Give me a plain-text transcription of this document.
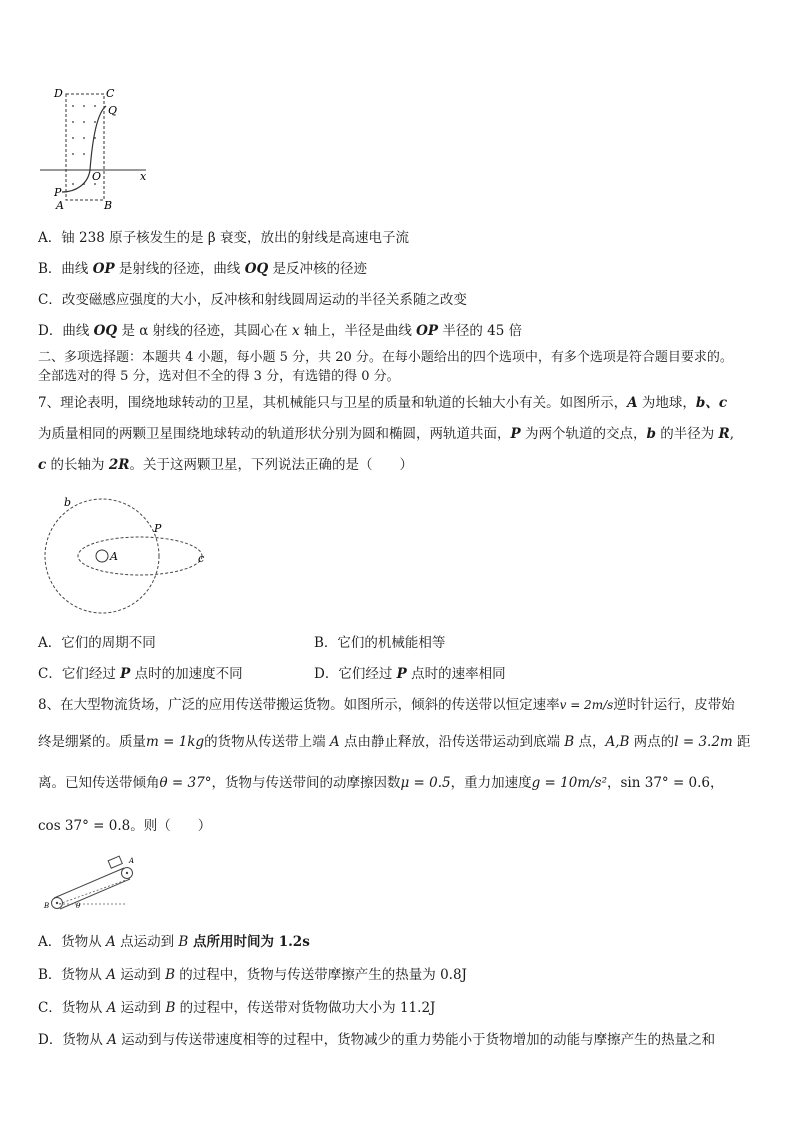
D	C
Q
O	x
P
A	B
A．铀 238 原子核发生的是 β 衰变，放出的射线是高速电子流
B．曲线 OP 是射线的径迹，曲线 OQ 是反冲核的径迹
C．改变磁感应强度的大小，反冲核和射线圆周运动的半径关系随之改变
D．曲线 OQ 是 α 射线的径迹，其圆心在 x 轴上，半径是曲线 OP 半径的 45 倍
二、多项选择题：本题共 4 小题，每小题 5 分，共 20 分。在每小题给出的四个选项中，有多个选项是符合题目要求的。
全部选对的得 5 分，选对但不全的得 3 分，有选错的得 0 分。
7、理论表明，围绕地球转动的卫星，其机械能只与卫星的质量和轨道的长轴大小有关。如图所示，A 为地球，b、c
为质量相同的两颗卫星围绕地球转动的轨道形状分别为圆和椭圆，两轨道共面，P 为两个轨道的交点，b 的半径为 R,
c 的长轴为 2R。关于这两颗卫星，下列说法正确的是（　　）
b
P
A	c
A．它们的周期不同	B．它们的机械能相等
C．它们经过 P 点时的加速度不同	D．它们经过 P 点时的速率相同
8、在大型物流货场，广泛的应用传送带搬运货物。如图所示，倾斜的传送带以恒定速率v = 2m/s逆时针运行，皮带始
终是绷紧的。质量m = 1kg的货物从传送带上端 A 点由静止释放，沿传送带运动到底端 B 点，A,B 两点的l = 3.2m 距
离。已知传送带倾角θ = 37°，货物与传送带间的动摩擦因数μ = 0.5，重力加速度g = 10m/s²，sin 37° = 0.6，
cos 37° = 0.8。则（　　）
B
A
θ
A．货物从 A 点运动到 B 点所用时间为 1.2s
B．货物从 A 运动到 B 的过程中，货物与传送带摩擦产生的热量为 0.8J
C．货物从 A 运动到 B 的过程中，传送带对货物做功大小为 11.2J
D．货物从 A 运动到与传送带速度相等的过程中，货物减少的重力势能小于货物增加的动能与摩擦产生的热量之和
